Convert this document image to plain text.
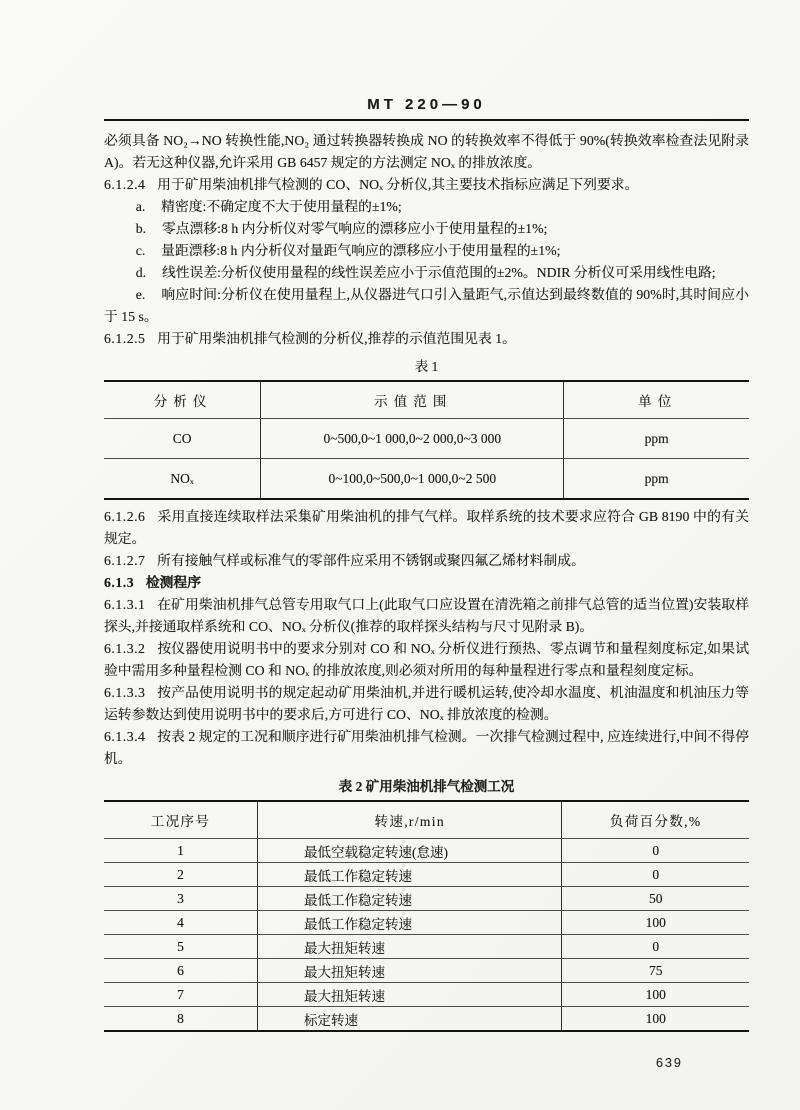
MT 220—90

必须具备 NO₂→NO 转换性能,NO₂ 通过转换器转换成 NO 的转换效率不得低于 90%(转换效率检查法见附录 A)。若无这种仪器,允许采用 GB 6457 规定的方法测定 NOₓ 的排放浓度。

6.1.2.4 用于矿用柴油机排气检测的 CO、NOₓ 分析仪,其主要技术指标应满足下列要求。

a. 精密度:不确定度不大于使用量程的±1%;

b. 零点漂移:8 h 内分析仪对零气响应的漂移应小于使用量程的±1%;

c. 量距漂移:8 h 内分析仪对量距气响应的漂移应小于使用量程的±1%;

d. 线性误差:分析仪使用量程的线性误差应小于示值范围的±2%。NDIR 分析仪可采用线性电路;

e. 响应时间:分析仪在使用量程上,从仪器进气口引入量距气,示值达到最终数值的 90%时,其时间应小于 15 s。

6.1.2.5 用于矿用柴油机排气检测的分析仪,推荐的示值范围见表 1。

表 1
分析仪	示值范围	单位
CO	0~500,0~1 000,0~2 000,0~3 000	ppm
NOₓ	0~100,0~500,0~1 000,0~2 500	ppm

6.1.2.6 采用直接连续取样法采集矿用柴油机的排气气样。取样系统的技术要求应符合 GB 8190 中的有关规定。

6.1.2.7 所有接触气样或标准气的零部件应采用不锈钢或聚四氟乙烯材料制成。

6.1.3 检测程序

6.1.3.1 在矿用柴油机排气总管专用取气口上(此取气口应设置在清洗箱之前排气总管的适当位置)安装取样探头,并接通取样系统和 CO、NOₓ 分析仪(推荐的取样探头结构与尺寸见附录 B)。

6.1.3.2 按仪器使用说明书中的要求分别对 CO 和 NOₓ 分析仪进行预热、零点调节和量程刻度标定,如果试验中需用多种量程检测 CO 和 NOₓ 的排放浓度,则必须对所用的每种量程进行零点和量程刻度定标。

6.1.3.3 按产品使用说明书的规定起动矿用柴油机,并进行暖机运转,使冷却水温度、机油温度和机油压力等运转参数达到使用说明书中的要求后,方可进行 CO、NOₓ 排放浓度的检测。

6.1.3.4 按表 2 规定的工况和顺序进行矿用柴油机排气检测。一次排气检测过程中, 应连续进行,中间不得停机。

表 2 矿用柴油机排气检测工况
工况序号	转速,r/min	负荷百分数,%
1	最低空载稳定转速(怠速)	0
2	最低工作稳定转速	0
3	最低工作稳定转速	50
4	最低工作稳定转速	100
5	最大扭矩转速	0
6	最大扭矩转速	75
7	最大扭矩转速	100
8	标定转速	100
639
